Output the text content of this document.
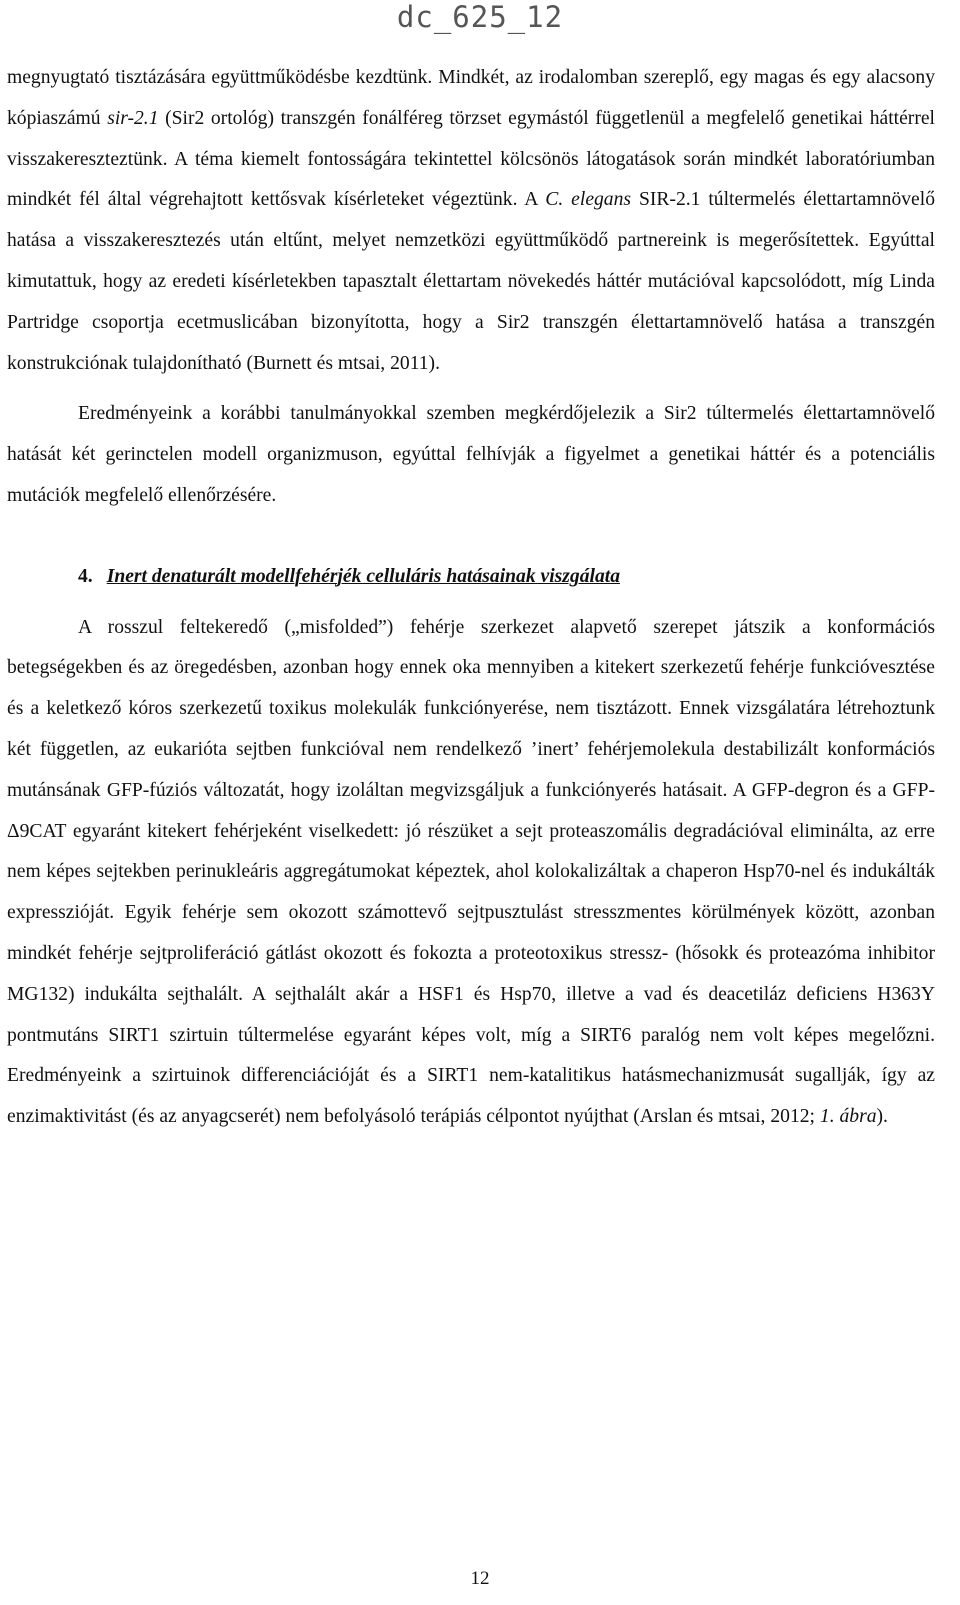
dc_625_12

megnyugtató tisztázására együttműködésbe kezdtünk. Mindkét, az irodalomban szereplő, egy magas és egy alacsony kópiaszámú sir-2.1 (Sir2 ortológ) transzgén fonálféreg törzset egymástól függetlenül a megfelelő genetikai háttérrel visszakereszteztünk. A téma kiemelt fontosságára tekintettel kölcsönös látogatások során mindkét laboratóriumban mindkét fél által végrehajtott kettősvak kísérleteket végeztünk. A C. elegans SIR-2.1 túltermelés élettartamnövelő hatása a visszakeresztezés után eltűnt, melyet nemzetközi együttműködő partnereink is megerősítettek. Egyúttal kimutattuk, hogy az eredeti kísérletekben tapasztalt élettartam növekedés háttér mutációval kapcsolódott, míg Linda Partridge csoportja ecetmuslicában bizonyította, hogy a Sir2 transzgén élettartamnövelő hatása a transzgén konstrukciónak tulajdonítható (Burnett és mtsai, 2011).

Eredményeink a korábbi tanulmányokkal szemben megkérdőjelezik a Sir2 túltermelés élettartamnövelő hatását két gerinctelen modell organizmuson, egyúttal felhívják a figyelmet a genetikai háttér és a potenciális mutációk megfelelő ellenőrzésére.

4. Inert denaturált modellfehérjék celluláris hatásainak viszgálata

A rosszul feltekeredő („misfolded”) fehérje szerkezet alapvető szerepet játszik a konformációs betegségekben és az öregedésben, azonban hogy ennek oka mennyiben a kitekert szerkezetű fehérje funkcióvesztése és a keletkező kóros szerkezetű toxikus molekulák funkciónyerése, nem tisztázott. Ennek vizsgálatára létrehoztunk két független, az eukarióta sejtben funkcióval nem rendelkező ’inert’ fehérjemolekula destabilizált konformációs mutánsának GFP-fúziós változatát, hogy izoláltan megvizsgáljuk a funkciónyerés hatásait. A GFP-degron és a GFP-Δ9CAT egyaránt kitekert fehérjeként viselkedett: jó részüket a sejt proteaszomális degradációval eliminálta, az erre nem képes sejtekben perinukleáris aggregátumokat képeztek, ahol kolokalizáltak a chaperon Hsp70-nel és indukálták expresszióját. Egyik fehérje sem okozott számottevő sejtpusztulást stresszmentes körülmények között, azonban mindkét fehérje sejtproliferáció gátlást okozott és fokozta a proteotoxikus stressz- (hősokk és proteazóma inhibitor MG132) indukálta sejthalált. A sejthalált akár a HSF1 és Hsp70, illetve a vad és deacetiláz deficiens H363Y pontmutáns SIRT1 szirtuin túltermelése egyaránt képes volt, míg a SIRT6 paralóg nem volt képes megelőzni. Eredményeink a szirtuinok differenciációját és a SIRT1 nem-katalitikus hatásmechanizmusát sugallják, így az enzimaktivitást (és az anyagcserét) nem befolyásoló terápiás célpontot nyújthat (Arslan és mtsai, 2012; 1. ábra).

12
